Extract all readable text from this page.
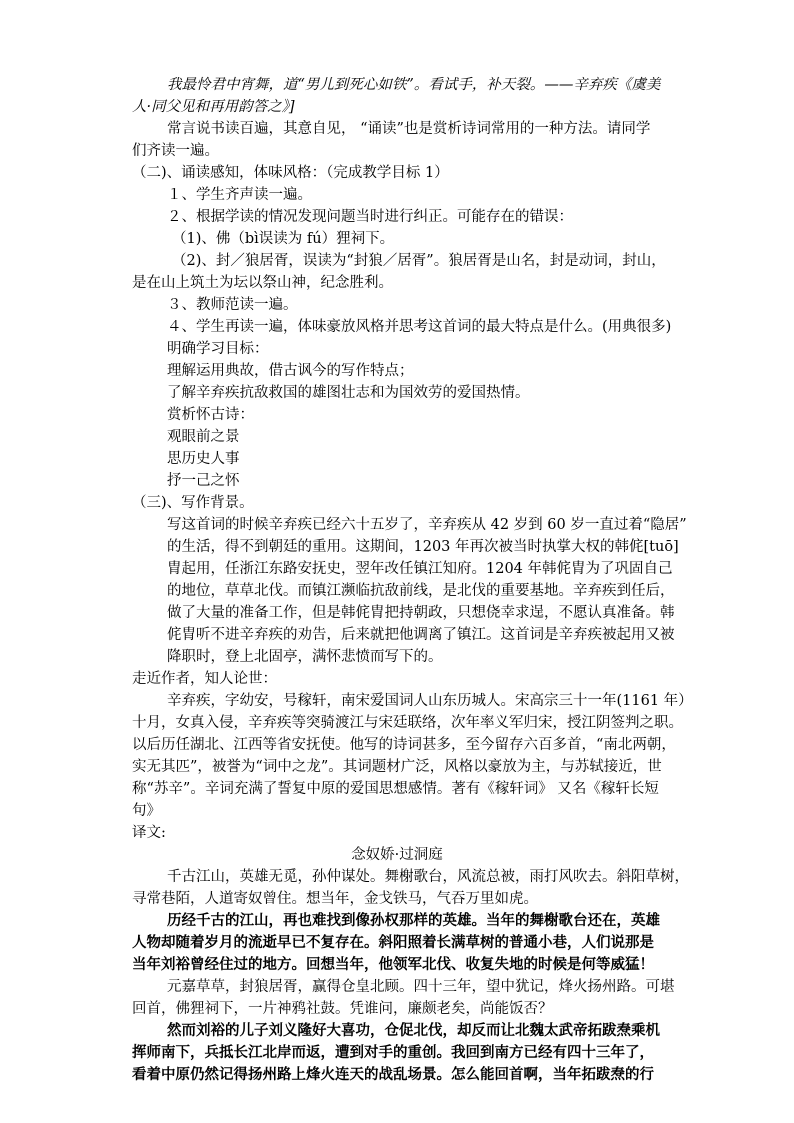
我最怜君中宵舞，道“男儿到死心如铁”。看试手，补天裂。——辛弃疾《虞美
人·同父见和再用韵答之》]
常言说书读百遍，其意自见， “诵读”也是赏析诗词常用的一种方法。请同学
们齐读一遍。
（二)、诵读感知，体味风格：（完成教学目标 1）
１、学生齐声读一遍。
２、根据学读的情况发现问题当时进行纠正。可能存在的错误：
（1)、佛（bì误读为 fú）狸祠下。
（2)、封／狼居胥，误读为“封狼／居胥”。狼居胥是山名，封是动词，封山，
是在山上筑土为坛以祭山神，纪念胜利。
３、教师范读一遍。
４、学生再读一遍，体味豪放风格并思考这首词的最大特点是什么。(用典很多)
明确学习目标：
理解运用典故，借古讽今的写作特点；
了解辛弃疾抗敌救国的雄图壮志和为国效劳的爱国热情。
赏析怀古诗：
观眼前之景
思历史人事
抒一己之怀
（三)、写作背景。
写这首词的时候辛弃疾已经六十五岁了，辛弃疾从 42 岁到 60 岁一直过着“隐居”
的生活，得不到朝廷的重用。这期间，1203 年再次被当时执掌大权的韩侂[tuō]
胄起用，任浙江东路安抚史，翌年改任镇江知府。1204 年韩侂胄为了巩固自己
的地位，草草北伐。而镇江濒临抗敌前线，是北伐的重要基地。辛弃疾到任后，
做了大量的准备工作，但是韩侂胄把持朝政，只想侥幸求逞，不愿认真准备。韩
侂胄听不进辛弃疾的劝告，后来就把他调离了镇江。这首词是辛弃疾被起用又被
降职时，登上北固亭，满怀悲愤而写下的。
走近作者，知人论世：
辛弃疾，字幼安，号稼轩，南宋爱国词人山东历城人。宋高宗三十一年(1161 年）
十月，女真入侵，辛弃疾等突骑渡江与宋廷联络，次年率义军归宋，授江阴签判之职。
以后历任湖北、江西等省安抚使。他写的诗词甚多，至今留存六百多首，“南北两朝，
实无其匹”，被誉为“词中之龙”。其词题材广泛，风格以豪放为主，与苏轼接近，世
称“苏辛”。辛词充满了誓复中原的爱国思想感情。著有《稼轩词》 又名《稼轩长短
句》
译文:
念奴娇·过洞庭
千古江山，英雄无觅，孙仲谋处。舞榭歌台，风流总被，雨打风吹去。斜阳草树，
寻常巷陌，人道寄奴曾住。想当年，金戈铁马，气吞万里如虎。
历经千古的江山，再也难找到像孙权那样的英雄。当年的舞榭歌台还在，英雄
人物却随着岁月的流逝早已不复存在。斜阳照着长满草树的普通小巷，人们说那是
当年刘裕曾经住过的地方。回想当年，他领军北伐、收复失地的时候是何等威猛！
元嘉草草，封狼居胥，赢得仓皇北顾。四十三年，望中犹记，烽火扬州路。可堪
回首，佛狸祠下，一片神鸦社鼓。凭谁问，廉颇老矣，尚能饭否？
然而刘裕的儿子刘义隆好大喜功，仓促北伐，却反而让北魏太武帝拓跋焘乘机
挥师南下，兵抵长江北岸而返，遭到对手的重创。我回到南方已经有四十三年了，
看着中原仍然记得扬州路上烽火连天的战乱场景。怎么能回首啊，当年拓跋焘的行
